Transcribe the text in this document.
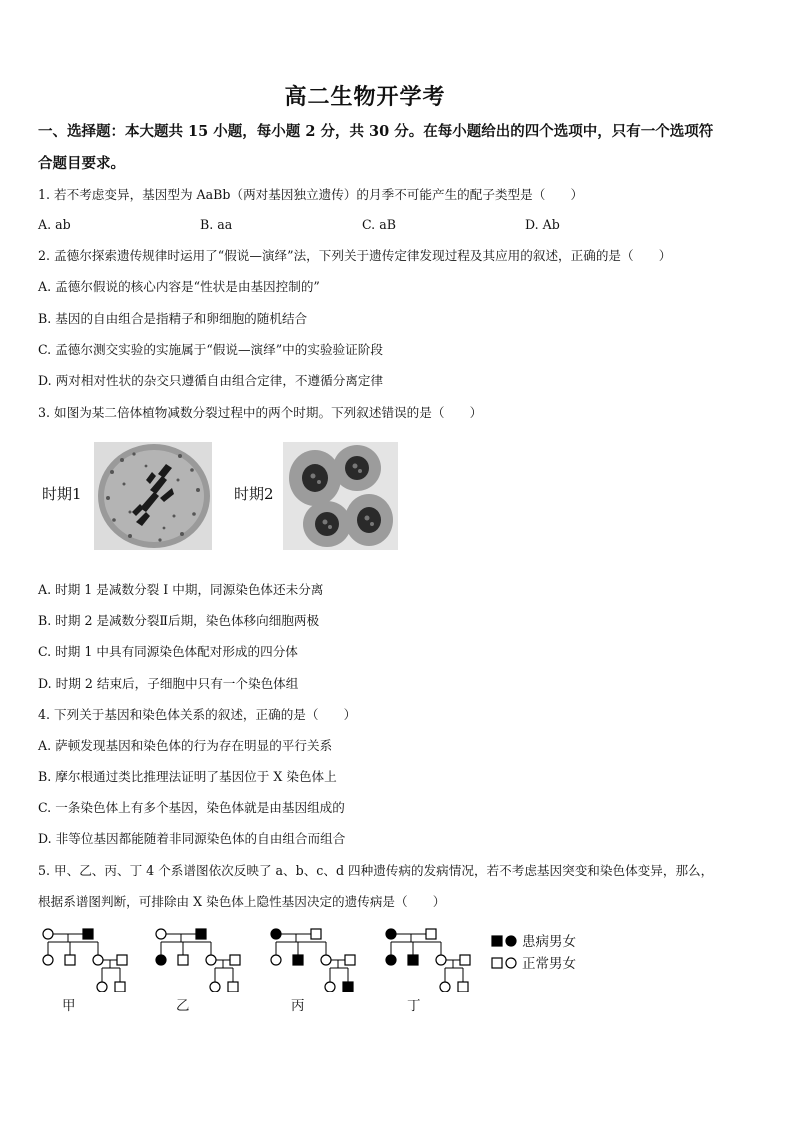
高二生物开学考
一、选择题：本大题共 15 小题，每小题 2 分，共 30 分。在每小题给出的四个选项中，只有一个选项符
合题目要求。
1. 若不考虑变异，基因型为 AaBb（两对基因独立遗传）的月季不可能产生的配子类型是（　　）
A. ab	B. aa	C. aB	D. Ab
2. 孟德尔探索遗传规律时运用了“假说—演绎”法，下列关于遗传定律发现过程及其应用的叙述，正确的是（　　）
A. 孟德尔假说的核心内容是“性状是由基因控制的”
B. 基因的自由组合是指精子和卵细胞的随机结合
C. 孟德尔测交实验的实施属于“假说—演绎”中的实验验证阶段
D. 两对相对性状的杂交只遵循自由组合定律，不遵循分离定律
3. 如图为某二倍体植物减数分裂过程中的两个时期。下列叙述错误的是（　　）
时期1	时期2
A. 时期 1 是减数分裂 I 中期，同源染色体还未分离
B. 时期 2 是减数分裂Ⅱ后期，染色体移向细胞两极
C. 时期 1 中具有同源染色体配对形成的四分体
D. 时期 2 结束后，子细胞中只有一个染色体组
4. 下列关于基因和染色体关系的叙述，正确的是（　　）
A. 萨顿发现基因和染色体的行为存在明显的平行关系
B. 摩尔根通过类比推理法证明了基因位于 X 染色体上
C. 一条染色体上有多个基因，染色体就是由基因组成的
D. 非等位基因都能随着非同源染色体的自由组合而组合
5. 甲、乙、丙、丁 4 个系谱图依次反映了 a、b、c、d 四种遗传病的发病情况，若不考虑基因突变和染色体变异，那么，
根据系谱图判断，可排除由 X 染色体上隐性基因决定的遗传病是（　　）
甲	乙	丙	丁
患病男女
正常男女
